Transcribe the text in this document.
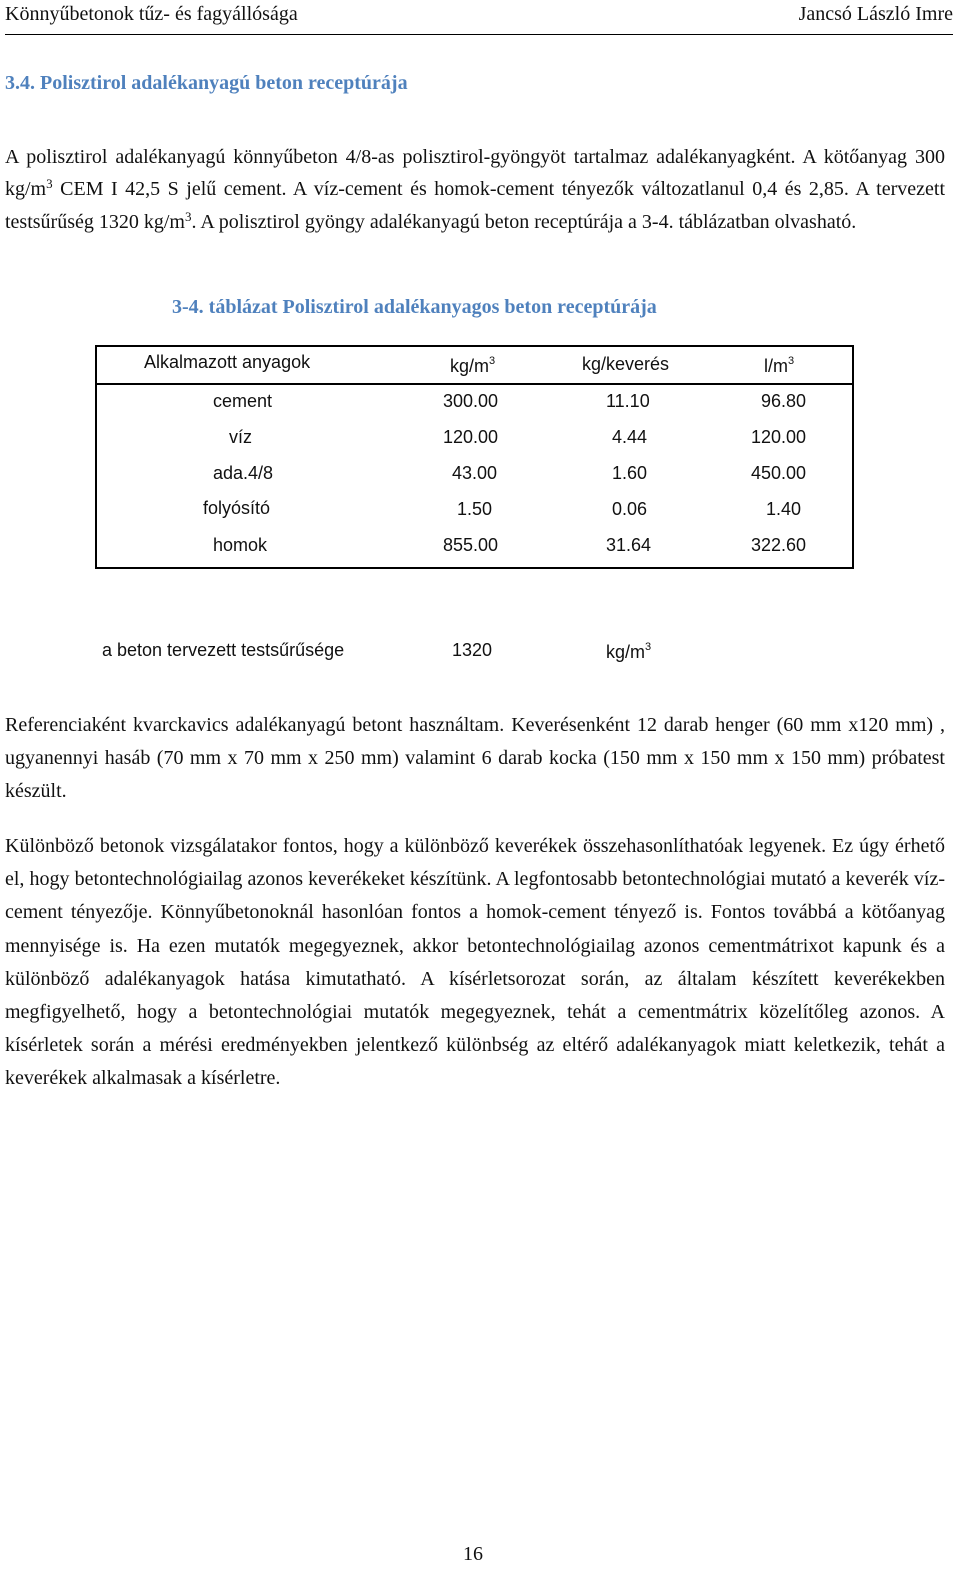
Könnyűbetonok tűz- és fagyállósága	Jancsó László Imre
3.4. Polisztirol adalékanyagú beton receptúrája

A polisztirol adalékanyagú könnyűbeton 4/8-as polisztirol-gyöngyöt tartalmaz adalékanyagként. A kötőanyag 300 $kg/m^3$ CEM I 42,5 S jelű cement. A víz-cement és homok-cement tényezők változatlanul 0,4 és 2,85. A tervezett testsűrűség 1320 $kg/m^3$. A polisztirol gyöngy adalékanyagú beton receptúrája a 3-4. táblázatban olvasható.

3-4. táblázat Polisztirol adalékanyagos beton receptúrája
Alkalmazott anyagok	$kg/m^3$	kg/keverés	$l/m^3$
cement	300.00	11.10	96.80
víz	120.00	4.44	120.00
ada.4/8	43.00	1.60	450.00
folyósító	1.50	0.06	1.40
homok	855.00	31.64	322.60
a beton tervezett testsűrűsége	1320	$kg/m^3$

Referenciaként kvarckavics adalékanyagú betont használtam. Keverésenként 12 darab henger (60 mm x120 mm) , ugyanennyi hasáb (70 mm x 70 mm x 250 mm) valamint 6 darab kocka (150 mm x 150 mm x 150 mm) próbatest készült.

Különböző betonok vizsgálatakor fontos, hogy a különböző keverékek összehasonlíthatóak legyenek. Ez úgy érhető el, hogy betontechnológiailag azonos keverékeket készítünk. A legfontosabb betontechnológiai mutató a keverék víz-cement tényezője. Könnyűbetonoknál hasonlóan fontos a homok-cement tényező is. Fontos továbbá a kötőanyag mennyisége is. Ha ezen mutatók megegyeznek, akkor betontechnológiailag azonos cementmátrixot kapunk és a különböző adalékanyagok hatása kimutatható. A kísérletsorozat során, az általam készített keverékekben megfigyelhető, hogy a betontechnológiai mutatók megegyeznek, tehát a cementmátrix közelítőleg azonos. A kísérletek során a mérési eredményekben jelentkező különbség az eltérő adalékanyagok miatt keletkezik, tehát a keverékek alkalmasak a kísérletre.

16
